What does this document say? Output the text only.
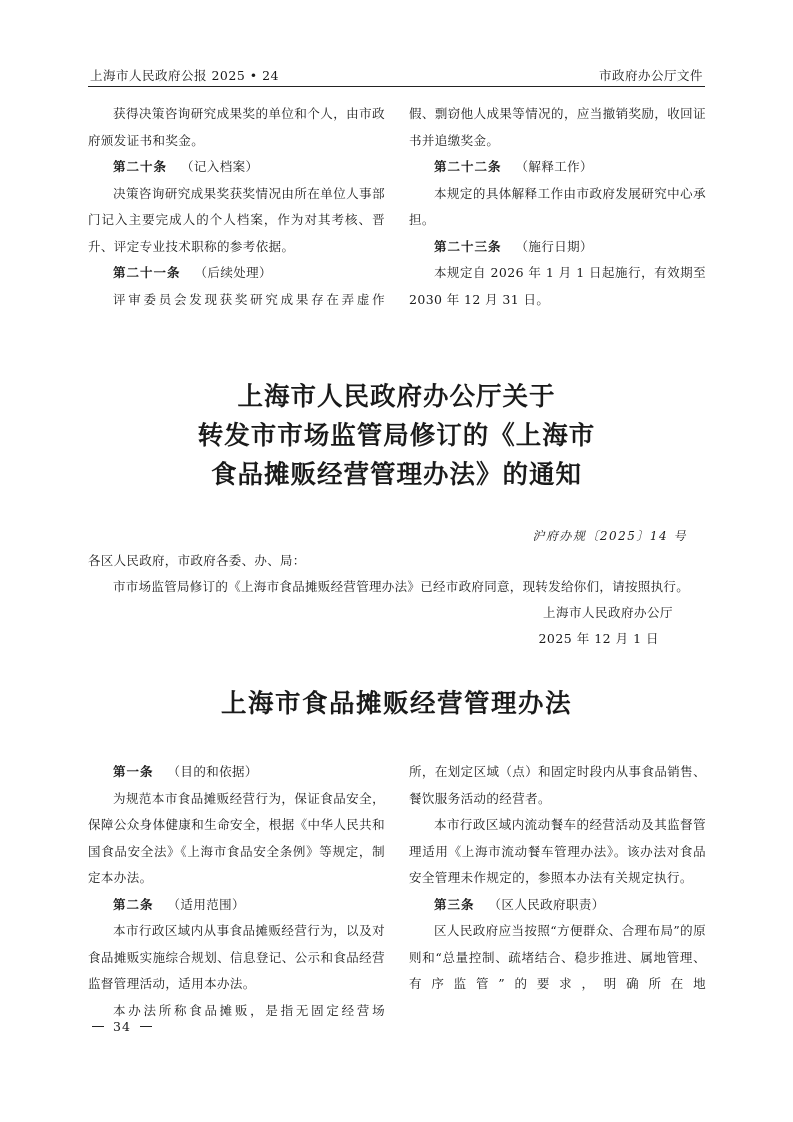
上海市人民政府公报 2025 • 24	市政府办公厅文件

获得决策咨询研究成果奖的单位和个人，由市政府颁发证书和奖金。

第二十条 （记入档案）

决策咨询研究成果奖获奖情况由所在单位人事部门记入主要完成人的个人档案，作为对其考核、晋升、评定专业技术职称的参考依据。

第二十一条 （后续处理）

评审委员会发现获奖研究成果存在弄虚作

假、剽窃他人成果等情况的，应当撤销奖励，收回证书并追缴奖金。

第二十二条 （解释工作）

本规定的具体解释工作由市政府发展研究中心承担。

第二十三条 （施行日期）

本规定自 2026 年 1 月 1 日起施行，有效期至 2030 年 12 月 31 日。

上海市人民政府办公厅关于
转发市市场监管局修订的《上海市
食品摊贩经营管理办法》的通知
沪府办规〔2025〕14 号

各区人民政府，市政府各委、办、局：

市市场监管局修订的《上海市食品摊贩经营管理办法》已经市政府同意，现转发给你们，请按照执行。

上海市人民政府办公厅
2025 年 12 月 1 日
上海市食品摊贩经营管理办法

第一条 （目的和依据）

为规范本市食品摊贩经营行为，保证食品安全，保障公众身体健康和生命安全，根据《中华人民共和国食品安全法》《上海市食品安全条例》等规定，制定本办法。

第二条 （适用范围）

本市行政区域内从事食品摊贩经营行为，以及对食品摊贩实施综合规划、信息登记、公示和食品经营监督管理活动，适用本办法。

本办法所称食品摊贩，是指无固定经营场

所，在划定区域（点）和固定时段内从事食品销售、餐饮服务活动的经营者。

本市行政区域内流动餐车的经营活动及其监督管理适用《上海市流动餐车管理办法》。该办法对食品安全管理未作规定的，参照本办法有关规定执行。

第三条 （区人民政府职责）

区人民政府应当按照“方便群众、合理布局”的原则和“总量控制、疏堵结合、稳步推进、属地管理、有序监管”的要求，明确所在地

34
